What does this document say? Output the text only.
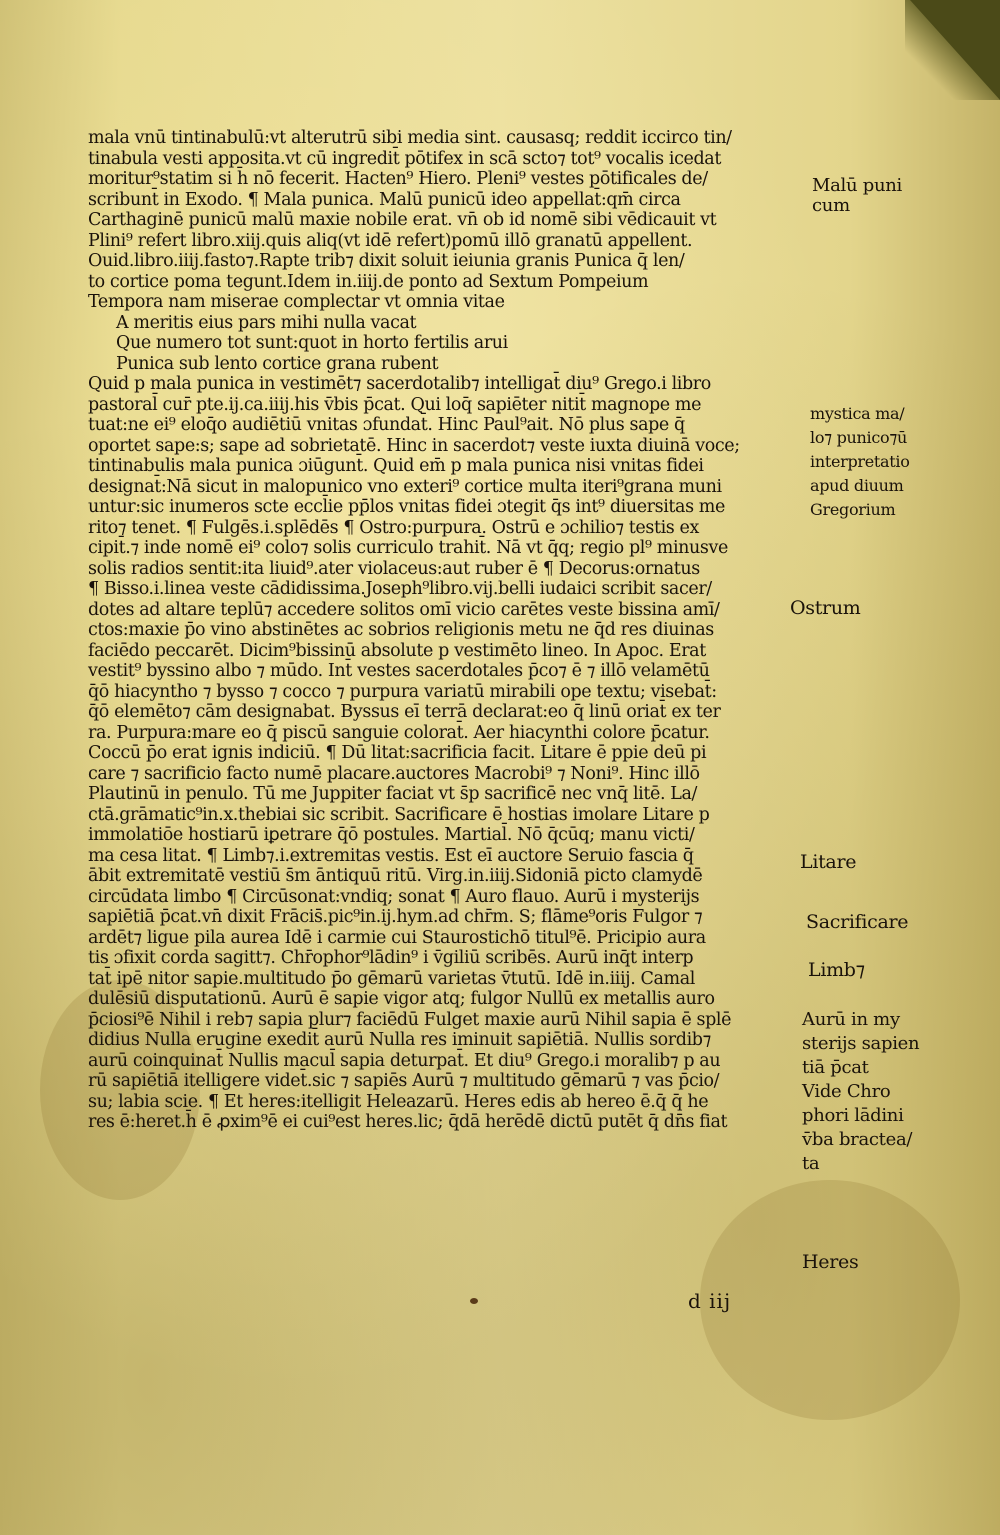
mala vnū tintinabulū:vt alterutrū sibi media sint. causasq; reddit iccirco tin/
tinabula vesti apposita.vt cū ingredit̄ pōtifex in scā scto⁊ tot⁹ vocalis icedat
moritur⁹statim si h̄ nō fecerit. Hacten⁹ Hiero. Pleni⁹ vestes pōtificales de/
scribunt̄ in Exodo. ¶ Mala punica. Malū punicū ideo appellat̄:qm̄ circa
Carthaginē punicū malū maxie nobile erat. vn̄ ob id nomē sibi vēdicauit vt
Plini⁹ refert libro.xiij.quis aliq(vt idē refert)pomū illō granatū appellent.
Ouid.libro.iiij.fasto⁊.Rapte trib⁊ dixit soluit ieiunia granis Punica q̄ len/
to cortice poma tegunt.Idem in.iiij.de ponto ad Sextum Pompeium
Tempora nam miserae complectar vt omnia vitae
A meritis eius pars mihi nulla vacat
Que numero tot sunt:quot in horto fertilis arui
Punica sub lento cortice grana rubent
Quid p mala punica in vestimēt⁊ sacerdotalib⁊ intelligat̄ diu⁹ Grego.i libro
pastoral̄ cur̄ pte.ij.ca.iiij.his v̄bis p̄cat. Qui loq̄ sapiēter nitit̄ magnope me
tuat:ne ei⁹ eloq̄o audiētiū vnitas ɔfundat̄. Hinc Paul⁹ait. Nō plus sape q̄
oportet sape:s; sape ad sobrietatē. Hinc in sacerdot⁊ veste iuxta diuinā voce;
tintinabulis mala punica ɔiūgunt̄. Quid em̄ p mala punica nisi vnitas fidei
designat̄:Nā sicut in malopunico vno exteri⁹ cortice multa iteri⁹grana muni
untur:sic inumeros scte eccl̄ie pp̄los vnitas fidei ɔtegit q̄s int⁹ diuersitas me
rito⁊ tenet. ¶ Fulgēs.i.splēdēs ¶ Ostro:purpura. Ostrū e ɔchilio⁊ testis ex
cipit̄.⁊ inde nomē ei⁹ colo⁊ solis curriculo trahit̄. Nā vt q̄q; regio pl⁹ minusve
solis radios sentit:ita liuid⁹.ater violaceus:aut ruber ē ¶ Decorus:ornatus
¶ Bisso.i.linea veste cādidissima.Joseph⁹libro.vij.belli iudaici scribit sacer/
dotes ad altare teplū⁊ accedere solitos omī vicio carētes veste bissina amī/
ctos:maxie p̄o vino abstinētes ac sobrios religionis metu ne q̄d res diuinas
faciēdo peccarēt. Dicim⁹bissinū absolute p vestimēto lineo. In Apoc. Erat
vestit⁹ byssino albo ⁊ mūdo. Int̄ vestes sacerdotales p̄co⁊ ē ⁊ illō velamētū
q̄ō hiacyntho ⁊ bysso ⁊ cocco ⁊ purpura variatū mirabili ope textu; visebat̄:
q̄ō elemēto⁊ cām designabat. Byssus eī terrā declarat:eo q̄ linū oriat̄ ex ter
ra. Purpura:mare eo q̄ piscū sanguie colorat̄. Aer hiacynthi colore p̄catur.
Coccū p̄o erat ignis indiciū. ¶ Dū litat:sacrificia facit. Litare ē ppie deū pi
care ⁊ sacrificio facto numē placare.auctores Macrobi⁹ ⁊ Noni⁹. Hinc illō
Plautinū in penulo. Tū me Juppiter faciat vt s̄p sacrificē nec vnq̄ litē. La/
ctā.grāmatic⁹in.x.thebiai sic scribit. Sacrificare ē hostias imolare Litare p
immolatiōe hostiarū iꝑetrare q̄ō postules. Martial̄. Nō q̄cūq; manu victi/
ma cesa litat. ¶ Limb⁊.i.extremitas vestis. Est eī auctore Seruio fascia q̄
ābit extremitatē vestiū s̄m āntiquū ritū. Virg.in.iiij.Sidoniā picto clamydē
circūdata limbo ¶ Circūsonat:vndiq; sonat ¶ Auro flauo. Aurū i mysterijs
sapiētiā p̄cat.vn̄ dixit Frācis̄.pic⁹in.ij.hym.ad chr̄m. S; flāme⁹oris Fulgor ⁊
ardēt⁊ ligue pila aurea Idē i carmie cui Staurostichō titul⁹ē. Pricipio aura
tis ɔfixit corda sagitt⁊. Chr̄ophor⁹lādin⁹ i v̄giliū scribēs. Aurū inq̄t interp
tat̄ ipē nitor sapie.multitudo p̄o gēmarū varietas v̄tutū. Idē in.iiij. Camal
dulēsiū disputationū. Aurū ē sapie vigor atq; fulgor Nullū ex metallis auro
p̄ciosi⁹ē Nihil i reb⁊ sapia plur⁊ faciēdū Fulget maxie aurū Nihil sapia ē splē
didius Nulla erugine exedit̄ aurū Nulla res iminuit sapiētiā. Nullis sordib⁊
aurū coinquinat̄ Nullis macul̄ sapia deturpat̄. Et diu⁹ Grego.i moralib⁊ p au
rū sapiētiā itelligere videt̄.sic ⁊ sapiēs Aurū ⁊ multitudo gēmarū ⁊ vas p̄cio/
su; labia scie. ¶ Et heres:itelligit Heleazarū. Heres edis ab hereo ē.q̄ q̄ he
res ē:heret.h̄ ē ꝓxim⁹ē ei cui⁹est heres.lic; q̄dā herēdē dictū putēt q̄ dn̄s fiat
Malū puni
cum
mystica ma/
lo⁊ punico⁊ū
interpretatio
apud diuum
Gregorium
Ostrum
Litare
Sacrificare
Limb⁊
Aurū in my
sterijs sapien
tiā p̄cat
Vide Chro
phori lādini
v̄ba bractea/
ta
Heres
d iij
